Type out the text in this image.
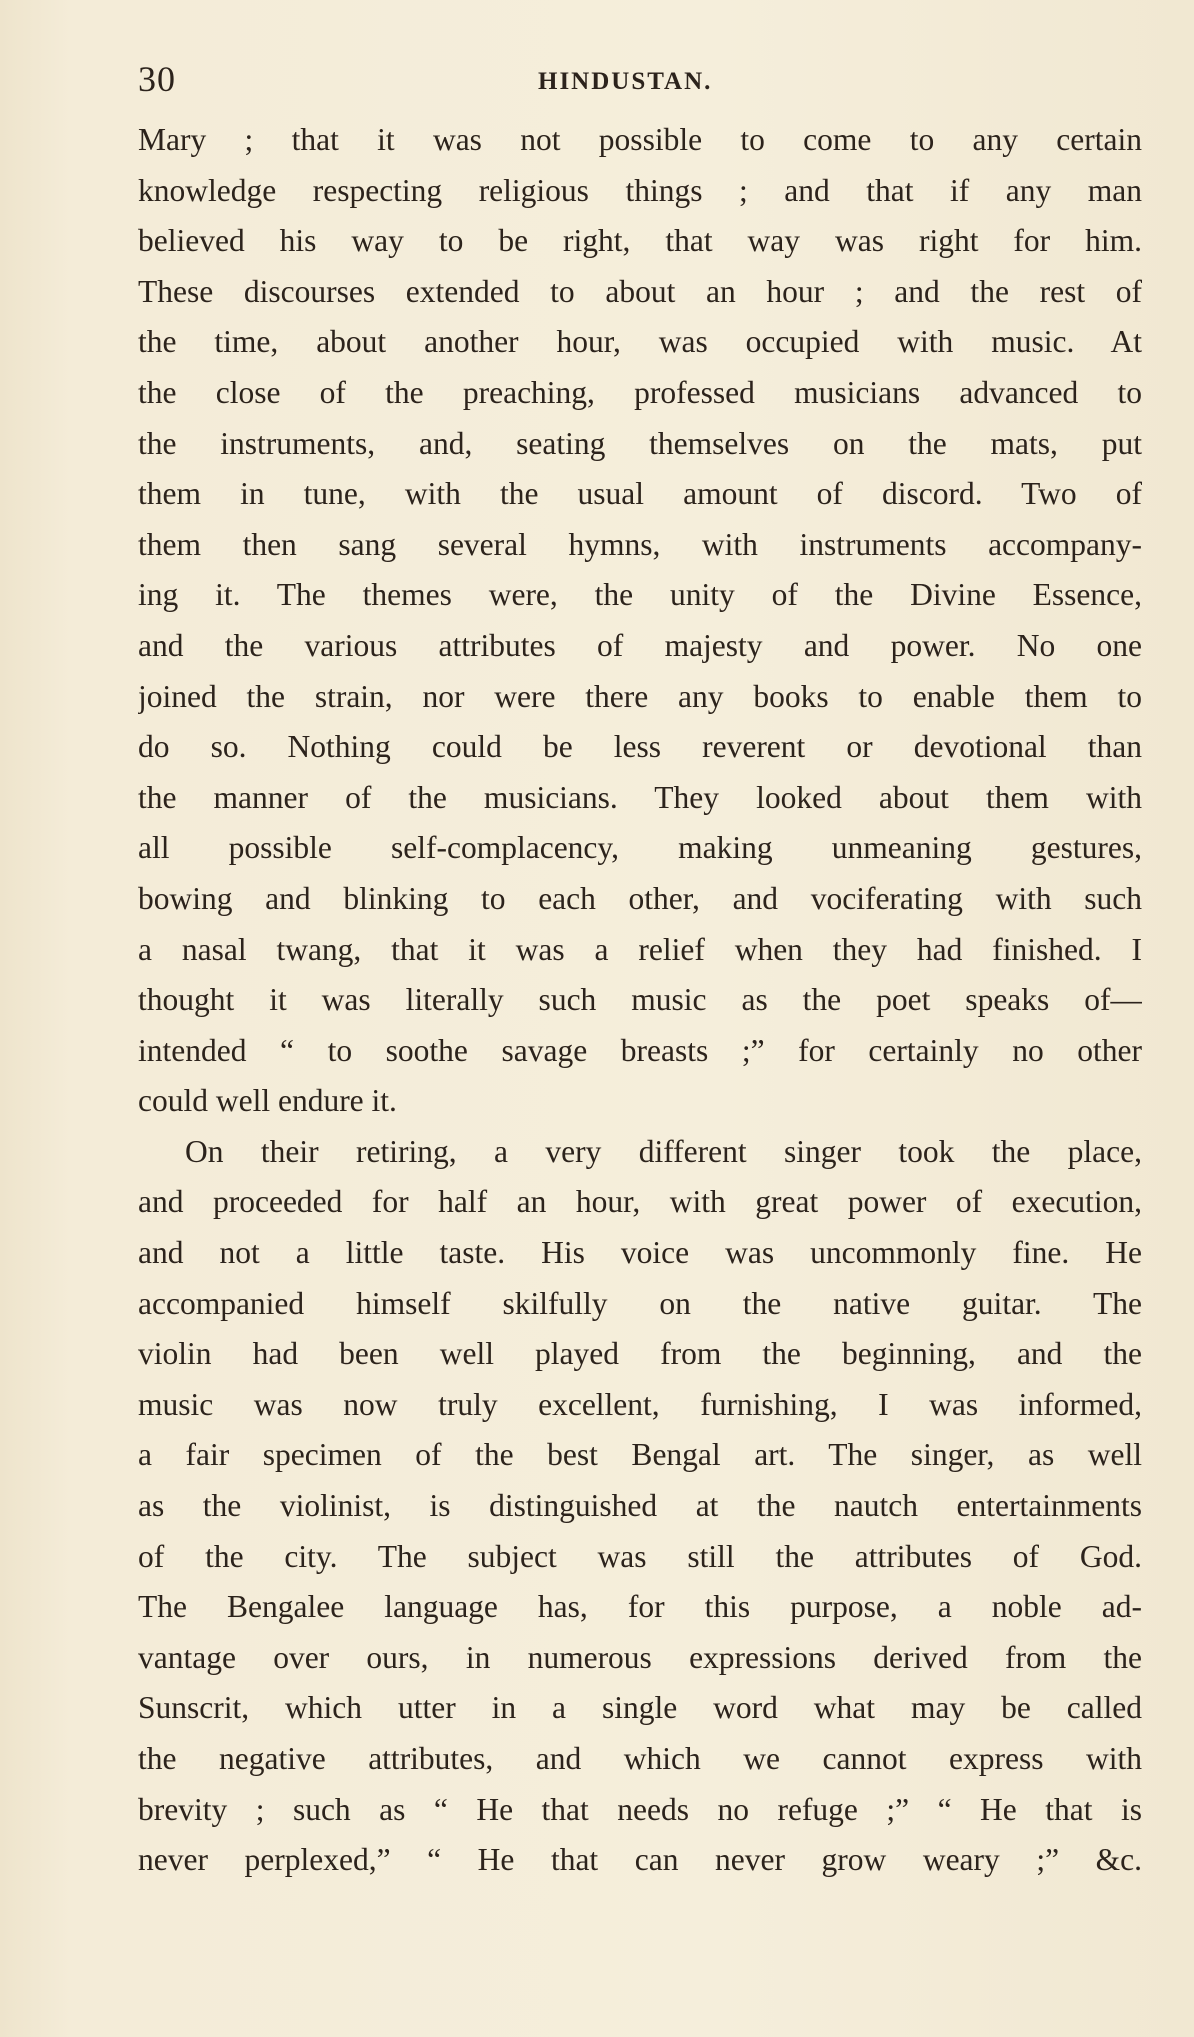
30	HINDUSTAN.
Mary ; that it was not possible to come to any certain
knowledge respecting religious things ; and that if any man
believed his way to be right, that way was right for him.
These discourses extended to about an hour ; and the rest of
the time, about another hour, was occupied with music. At
the close of the preaching, professed musicians advanced to
the instruments, and, seating themselves on the mats, put
them in tune, with the usual amount of discord. Two of
them then sang several hymns, with instruments accompany-
ing it. The themes were, the unity of the Divine Essence,
and the various attributes of majesty and power. No one
joined the strain, nor were there any books to enable them to
do so. Nothing could be less reverent or devotional than
the manner of the musicians. They looked about them with
all possible self-complacency, making unmeaning gestures,
bowing and blinking to each other, and vociferating with such
a nasal twang, that it was a relief when they had finished. I
thought it was literally such music as the poet speaks of—
intended “ to soothe savage breasts ;” for certainly no other
could well endure it.
On their retiring, a very different singer took the place,
and proceeded for half an hour, with great power of execution,
and not a little taste. His voice was uncommonly fine. He
accompanied himself skilfully on the native guitar. The
violin had been well played from the beginning, and the
music was now truly excellent, furnishing, I was informed,
a fair specimen of the best Bengal art. The singer, as well
as the violinist, is distinguished at the nautch entertainments
of the city. The subject was still the attributes of God.
The Bengalee language has, for this purpose, a noble ad-
vantage over ours, in numerous expressions derived from the
Sunscrit, which utter in a single word what may be called
the negative attributes, and which we cannot express with
brevity ; such as “ He that needs no refuge ;” “ He that is
never perplexed,” “ He that can never grow weary ;” &c.
